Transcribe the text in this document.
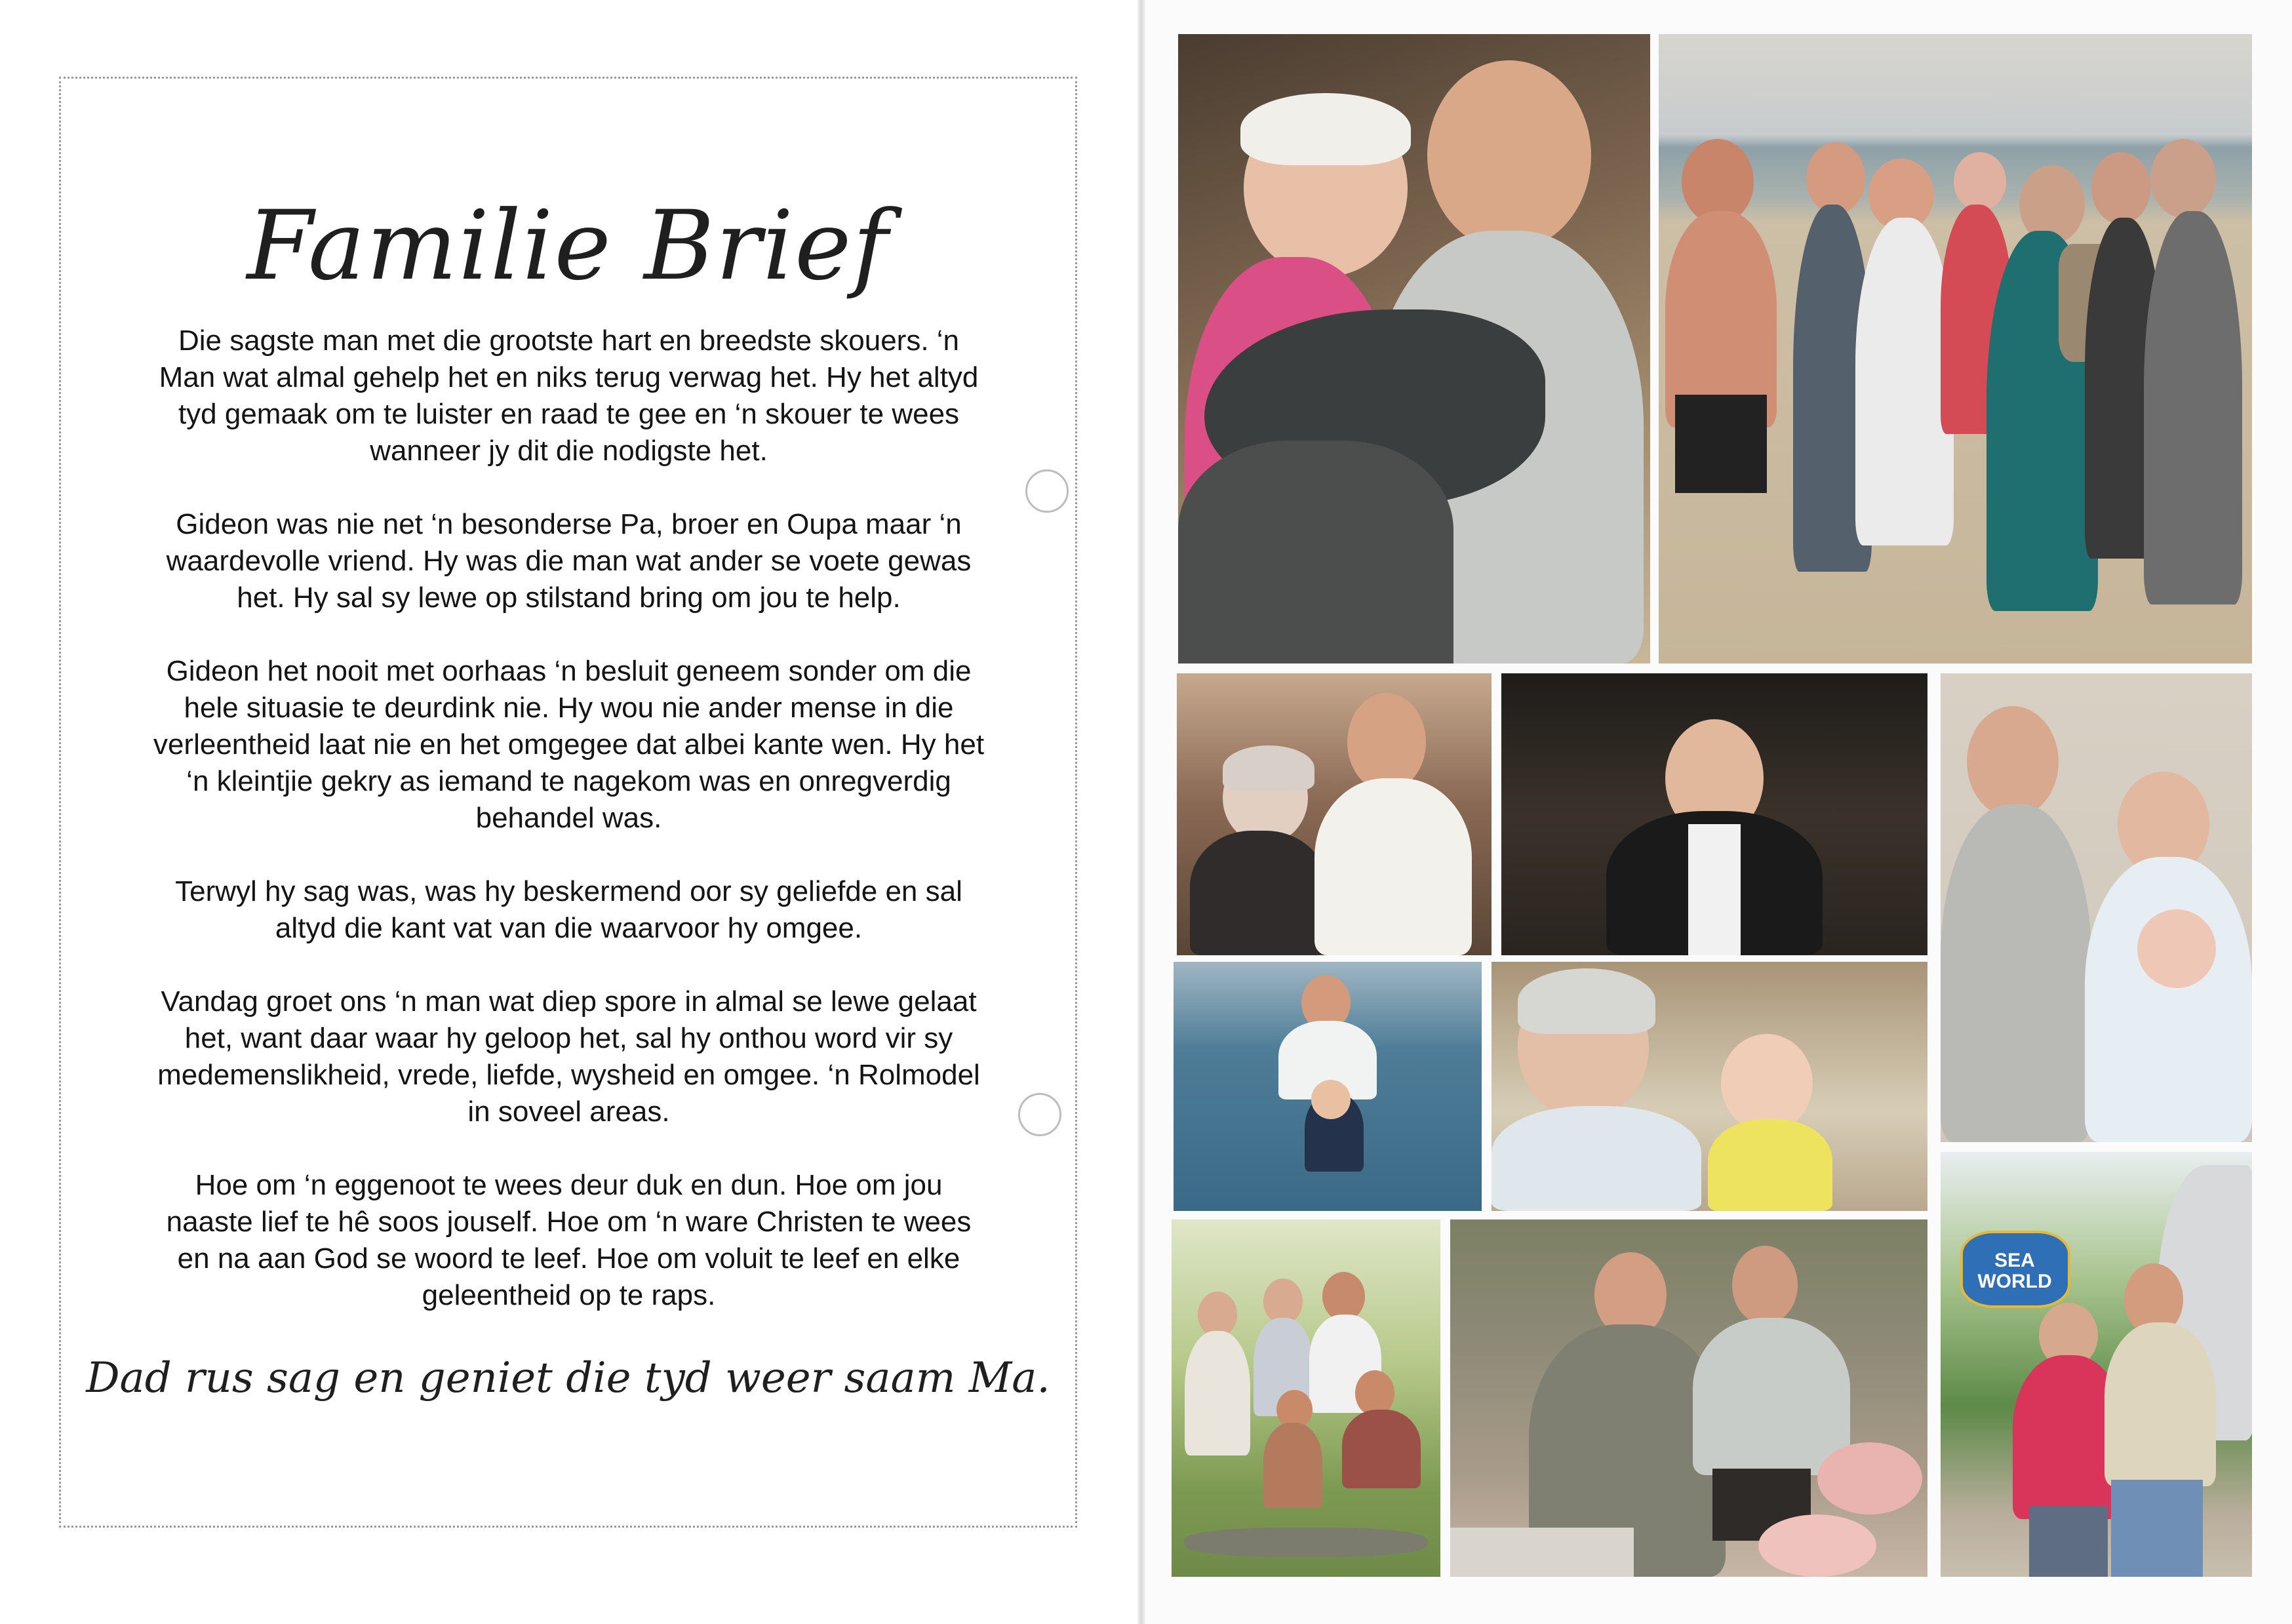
Familie Brief

Die sagste man met die grootste hart en breedste skouers. ‘n
Man wat almal gehelp het en niks terug verwag het. Hy het altyd
tyd gemaak om te luister en raad te gee en ‘n skouer te wees
wanneer jy dit die nodigste het.

Gideon was nie net ‘n besonderse Pa, broer en Oupa maar ‘n
waardevolle vriend. Hy was die man wat ander se voete gewas
het. Hy sal sy lewe op stilstand bring om jou te help.

Gideon het nooit met oorhaas ‘n besluit geneem sonder om die
hele situasie te deurdink nie. Hy wou nie ander mense in die
verleentheid laat nie en het omgegee dat albei kante wen. Hy het
‘n kleintjie gekry as iemand te nagekom was en onregverdig
behandel was.

Terwyl hy sag was, was hy beskermend oor sy geliefde en sal
altyd die kant vat van die waarvoor hy omgee.

Vandag groet ons ‘n man wat diep spore in almal se lewe gelaat
het, want daar waar hy geloop het, sal hy onthou word vir sy
medemenslikheid, vrede, liefde, wysheid en omgee. ‘n Rolmodel
in soveel areas.

Hoe om ‘n eggenoot te wees deur duk en dun. Hoe om jou
naaste lief te hê soos jouself. Hoe om ‘n ware Christen te wees
en na aan God se woord te leef. Hoe om voluit te leef en elke
geleentheid op te raps.

Dad rus sag en geniet die tyd weer saam Ma.
SEA WORLD
